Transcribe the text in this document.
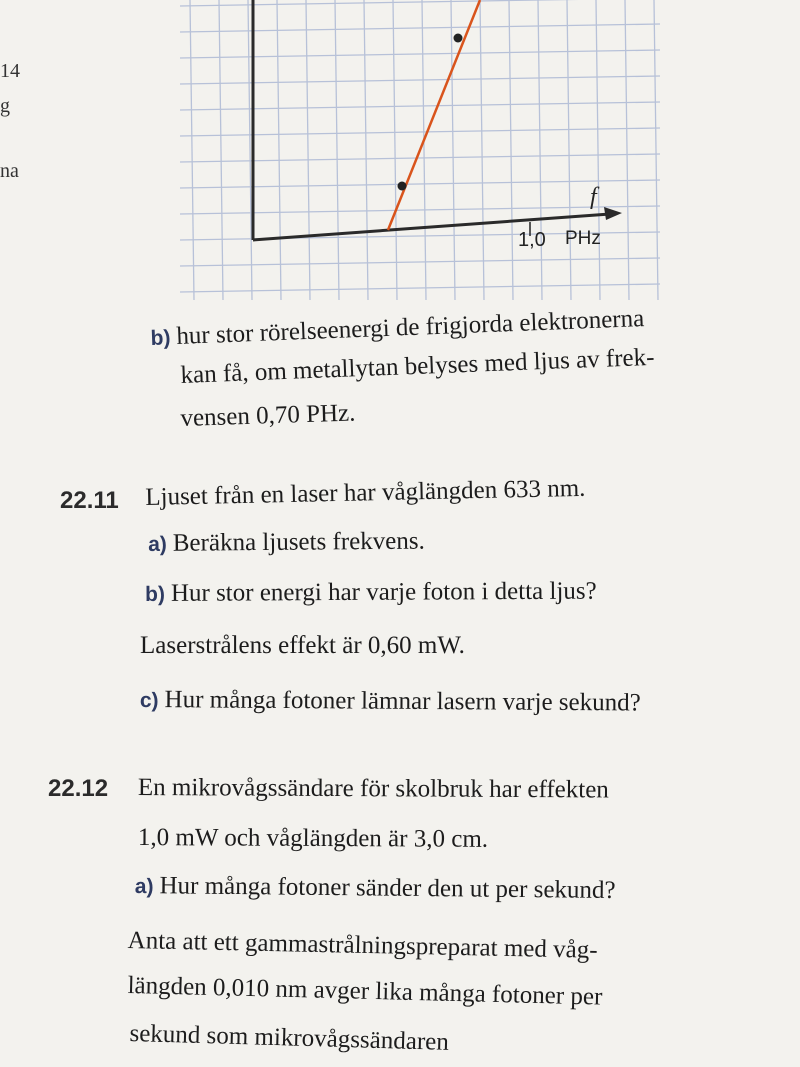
14
g
na
f
1,0 PHz
b) hur stor rörelseenergi de frigjorda elektronerna
kan få, om metallytan belyses med ljus av frek-
vensen 0,70 PHz.
22.11 Ljuset från en laser har våglängden 633 nm.
a) Beräkna ljusets frekvens.
b) Hur stor energi har varje foton i detta ljus?
Laserstrålens effekt är 0,60 mW.
c) Hur många fotoner lämnar lasern varje sekund?
22.12 En mikrovågssändare för skolbruk har effekten
1,0 mW och våglängden är 3,0 cm.
a) Hur många fotoner sänder den ut per sekund?
Anta att ett gammastrålningspreparat med våg-
längden 0,010 nm avger lika många fotoner per
sekund som mikrovågssändaren
